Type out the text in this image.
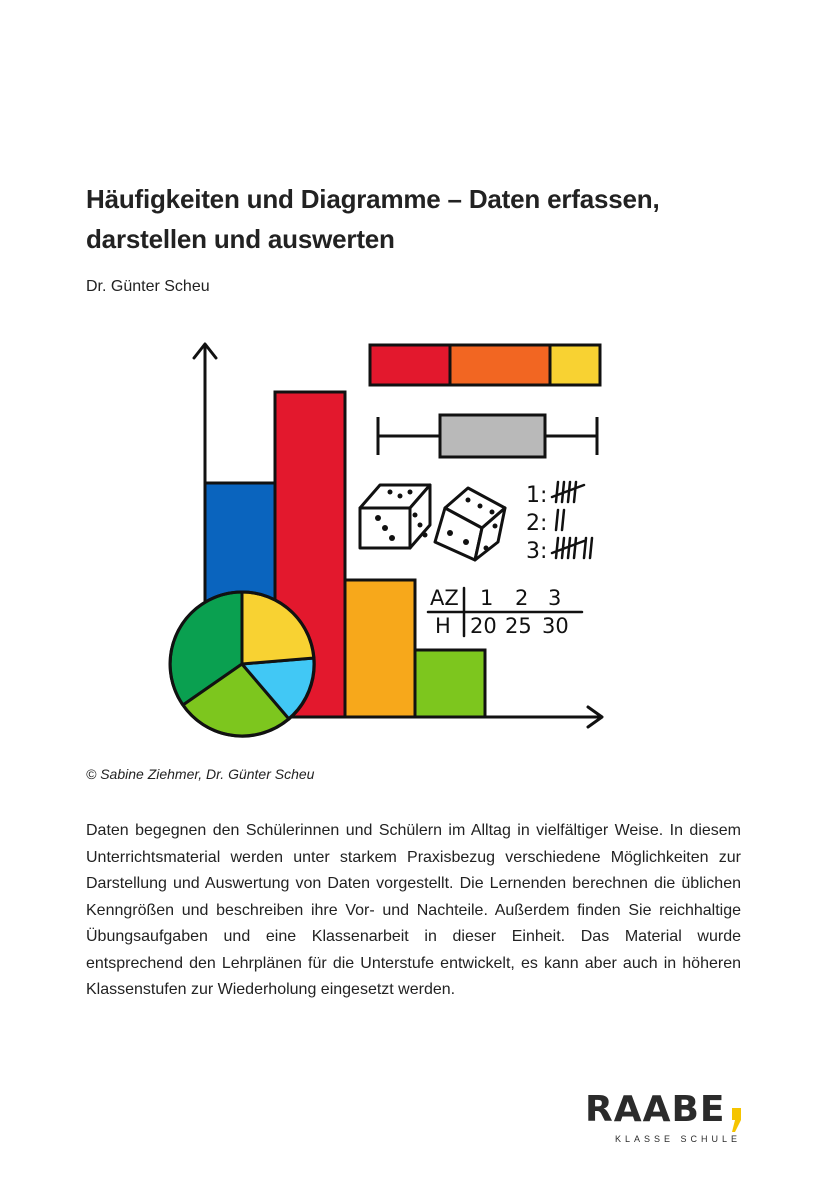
Häufigkeiten und Diagramme – Daten erfassen, darstellen und auswerten
Dr. Günter Scheu
1:
2:
3:
AZ 1 2 3
H 20 25 30
© Sabine Ziehmer, Dr. Günter Scheu

Daten begegnen den Schülerinnen und Schülern im Alltag in vielfältiger Weise. In diesem Unterrichtsmaterial werden unter starkem Praxisbezug verschiedene Möglichkeiten zur Darstellung und Auswertung von Daten vorgestellt. Die Lernenden berechnen die üblichen Kenngrößen und beschreiben ihre Vor- und Nachteile. Außerdem finden Sie reichhaltige Übungsaufgaben und eine Klassenarbeit in dieser Einheit. Das Material wurde entsprechend den Lehrplänen für die Unterstufe entwickelt, es kann aber auch in höheren Klassenstufen zur Wiederholung eingesetzt werden.

RAABE
KLASSE SCHULE
